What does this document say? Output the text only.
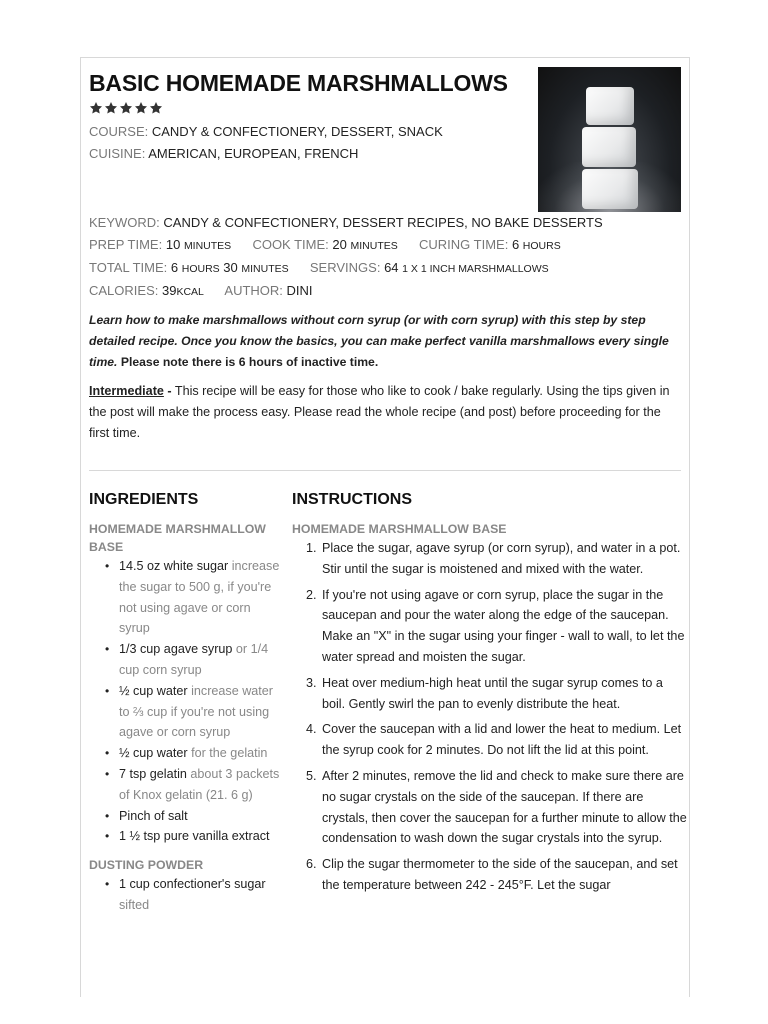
BASIC HOMEMADE MARSHMALLOWS
COURSE: CANDY & CONFECTIONERY, DESSERT, SNACK
CUISINE: AMERICAN, EUROPEAN, FRENCH
KEYWORD: CANDY & CONFECTIONERY, DESSERT RECIPES, NO BAKE DESSERTS
PREP TIME: 10 MINUTES COOK TIME: 20 MINUTES CURING TIME: 6 HOURS
TOTAL TIME: 6 HOURS 30 MINUTES SERVINGS: 64 1 X 1 INCH MARSHMALLOWS
CALORIES: 39KCAL AUTHOR: DINI
Learn how to make marshmallows without corn syrup (or with corn syrup) with this step by step detailed recipe. Once you know the basics, you can make perfect vanilla marshmallows every single time. Please note there is 6 hours of inactive time.
Intermediate - This recipe will be easy for those who like to cook / bake regularly. Using the tips given in the post will make the process easy. Please read the whole recipe (and post) before proceeding for the first time.
INGREDIENTS
HOMEMADE MARSHMALLOW BASE
• 14.5 oz white sugar increase the sugar to 500 g, if you're not using agave or corn syrup
• 1/3 cup agave syrup or 1/4 cup corn syrup
• ½ cup water increase water to ⅔ cup if you're not using agave or corn syrup
• ½ cup water for the gelatin
• 7 tsp gelatin about 3 packets of Knox gelatin (21. 6 g)
• Pinch of salt
• 1 ½ tsp pure vanilla extract
DUSTING POWDER
• 1 cup confectioner's sugar sifted
INSTRUCTIONS
HOMEMADE MARSHMALLOW BASE
1. Place the sugar, agave syrup (or corn syrup), and water in a pot. Stir until the sugar is moistened and mixed with the water.
2. If you're not using agave or corn syrup, place the sugar in the saucepan and pour the water along the edge of the saucepan. Make an "X" in the sugar using your finger - wall to wall, to let the water spread and moisten the sugar.
3. Heat over medium-high heat until the sugar syrup comes to a boil. Gently swirl the pan to evenly distribute the heat.
4. Cover the saucepan with a lid and lower the heat to medium. Let the syrup cook for 2 minutes. Do not lift the lid at this point.
5. After 2 minutes, remove the lid and check to make sure there are no sugar crystals on the side of the saucepan. If there are crystals, then cover the saucepan for a further minute to allow the condensation to wash down the sugar crystals into the syrup.
6. Clip the sugar thermometer to the side of the saucepan, and set the temperature between 242 - 245°F. Let the sugar
